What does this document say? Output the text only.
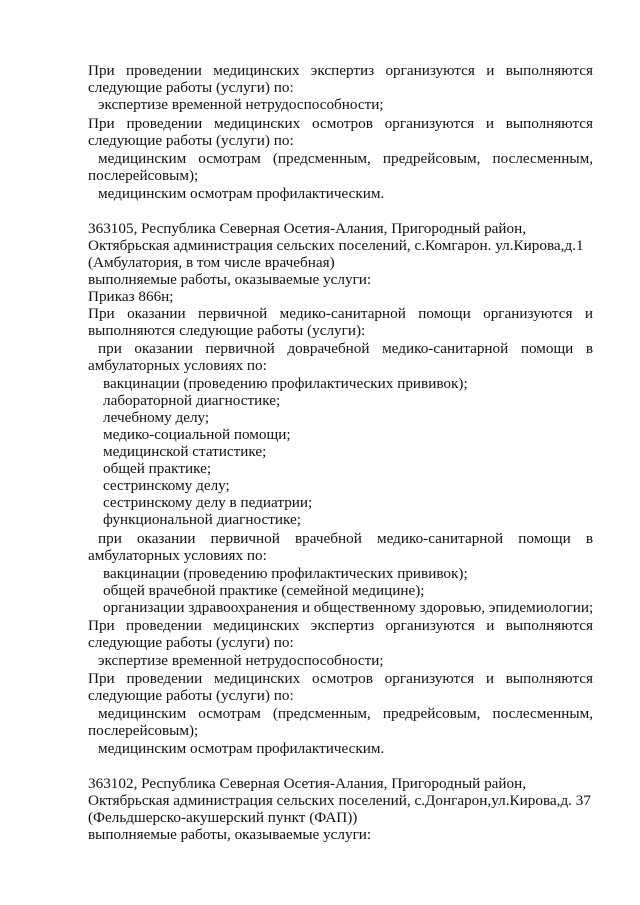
При проведении медицинских экспертиз организуются и выполняются
следующие работы (услуги) по:
экспертизе временной нетрудоспособности;
При проведении медицинских осмотров организуются и выполняются
следующие работы (услуги) по:
медицинским осмотрам (предсменным, предрейсовым, послесменным,
послерейсовым);
медицинским осмотрам профилактическим.
363105, Республика Северная Осетия-Алания, Пригородный район,
Октябрьская администрация сельских поселений, с.Комгарон. ул.Кирова,д.1
(Амбулатория, в том числе врачебная)
выполняемые работы, оказываемые услуги:
Приказ 866н;
При оказании первичной медико-санитарной помощи организуются и
выполняются следующие работы (услуги):
при оказании первичной доврачебной медико-санитарной помощи в
амбулаторных условиях по:
вакцинации (проведению профилактических прививок);
лабораторной диагностике;
лечебному делу;
медико-социальной помощи;
медицинской статистике;
общей практике;
сестринскому делу;
сестринскому делу в педиатрии;
функциональной диагностике;
при оказании первичной врачебной медико-санитарной помощи в
амбулаторных условиях по:
вакцинации (проведению профилактических прививок);
общей врачебной практике (семейной медицине);
организации здравоохранения и общественному здоровью, эпидемиологии;
При проведении медицинских экспертиз организуются и выполняются
следующие работы (услуги) по:
экспертизе временной нетрудоспособности;
При проведении медицинских осмотров организуются и выполняются
следующие работы (услуги) по:
медицинским осмотрам (предсменным, предрейсовым, послесменным,
послерейсовым);
медицинским осмотрам профилактическим.
363102, Республика Северная Осетия-Алания, Пригородный район,
Октябрьская администрация сельских поселений, с.Донгарон,ул.Кирова,д. 37
(Фельдшерско-акушерский пункт (ФАП))
выполняемые работы, оказываемые услуги:
